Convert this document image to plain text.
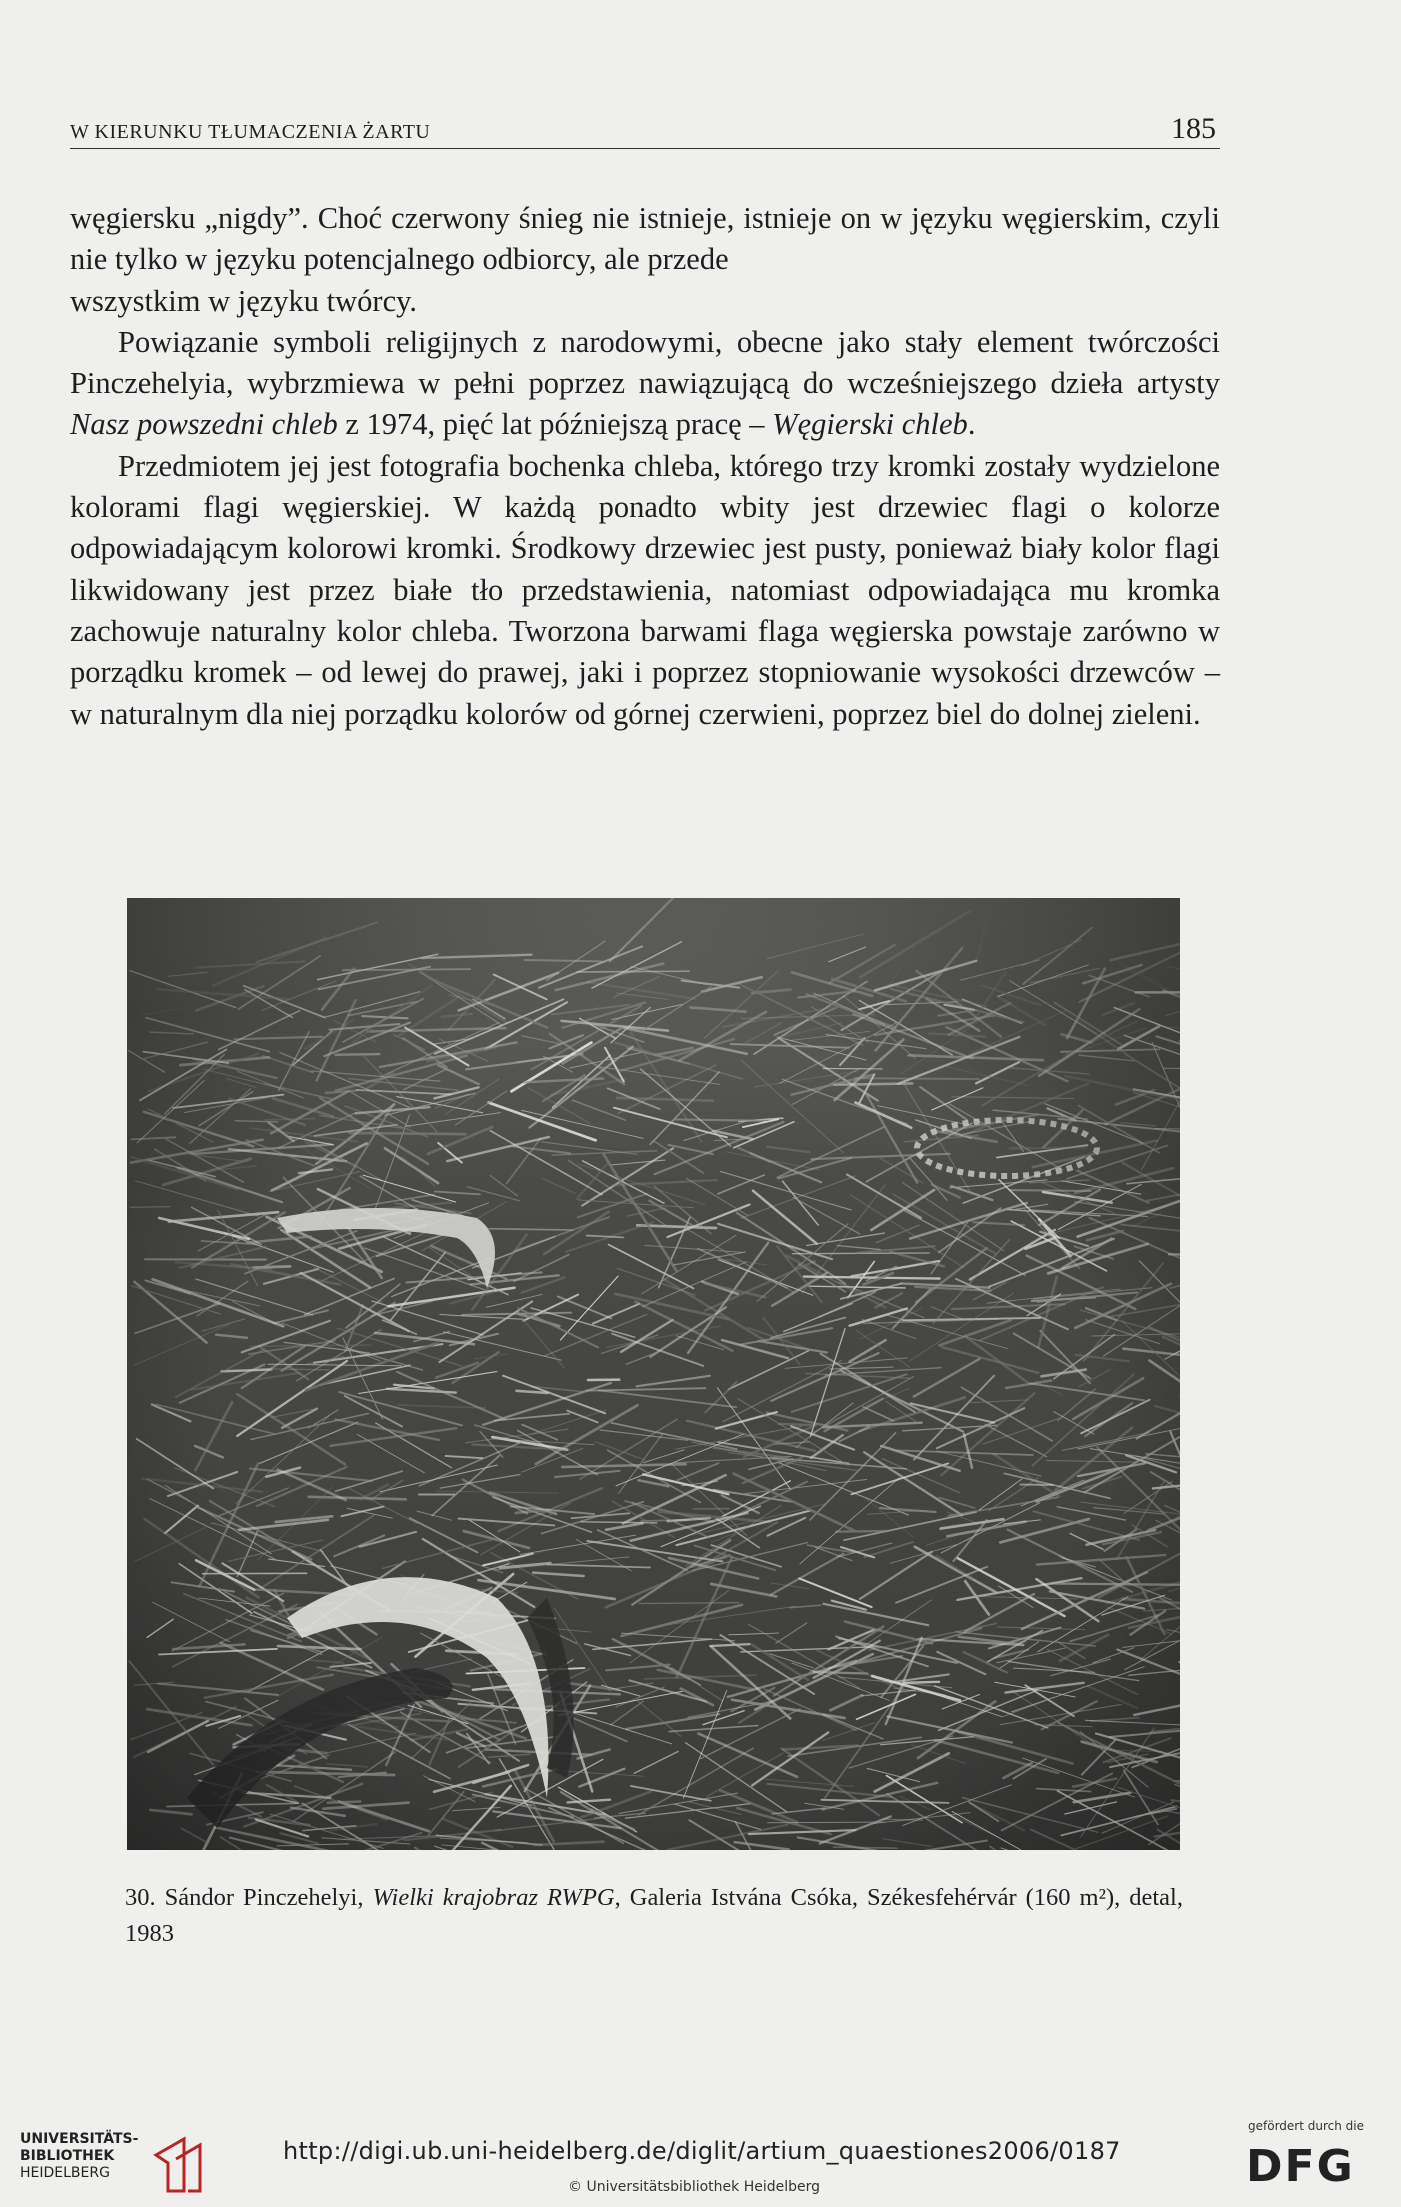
W KIERUNKU TŁUMACZENIA ŻARTU	185

węgiersku „nigdy”. Choć czerwony śnieg nie istnieje, istnieje on w języku węgierskim, czyli nie tylko w języku potencjalnego odbiorcy, ale przede
wszystkim w języku twórcy.

Powiązanie symboli religijnych z narodowymi, obecne jako stały element twórczości Pinczehelyia, wybrzmiewa w pełni poprzez nawiązującą do wcześniejszego dzieła artysty Nasz powszedni chleb z 1974, pięć lat późniejszą pracę – Węgierski chleb.

Przedmiotem jej jest fotografia bochenka chleba, którego trzy kromki zostały wydzielone kolorami flagi węgierskiej. W każdą ponadto wbity jest drzewiec flagi o kolorze odpowiadającym kolorowi kromki. Środkowy drzewiec jest pusty, ponieważ biały kolor flagi likwidowany jest przez białe tło przedstawienia, natomiast odpowiadająca mu kromka zachowuje naturalny kolor chleba. Tworzona barwami flaga węgierska powstaje zarówno w porządku kromek – od lewej do prawej, jaki i poprzez stopniowanie wysokości drzewców – w naturalnym dla niej porządku kolorów od górnej czerwieni, poprzez biel do dolnej zieleni.

30. Sándor Pinczehelyi, Wielki krajobraz RWPG, Galeria Istvána Csóka, Székesfehérvár (160 m²), detal, 1983
UNIVERSITÄTS-
BIBLIOTHEK
HEIDELBERG
http://digi.ub.uni-heidelberg.de/diglit/artium_quaestiones2006/0187
© Universitätsbibliothek Heidelberg
gefördert durch die
DFG
